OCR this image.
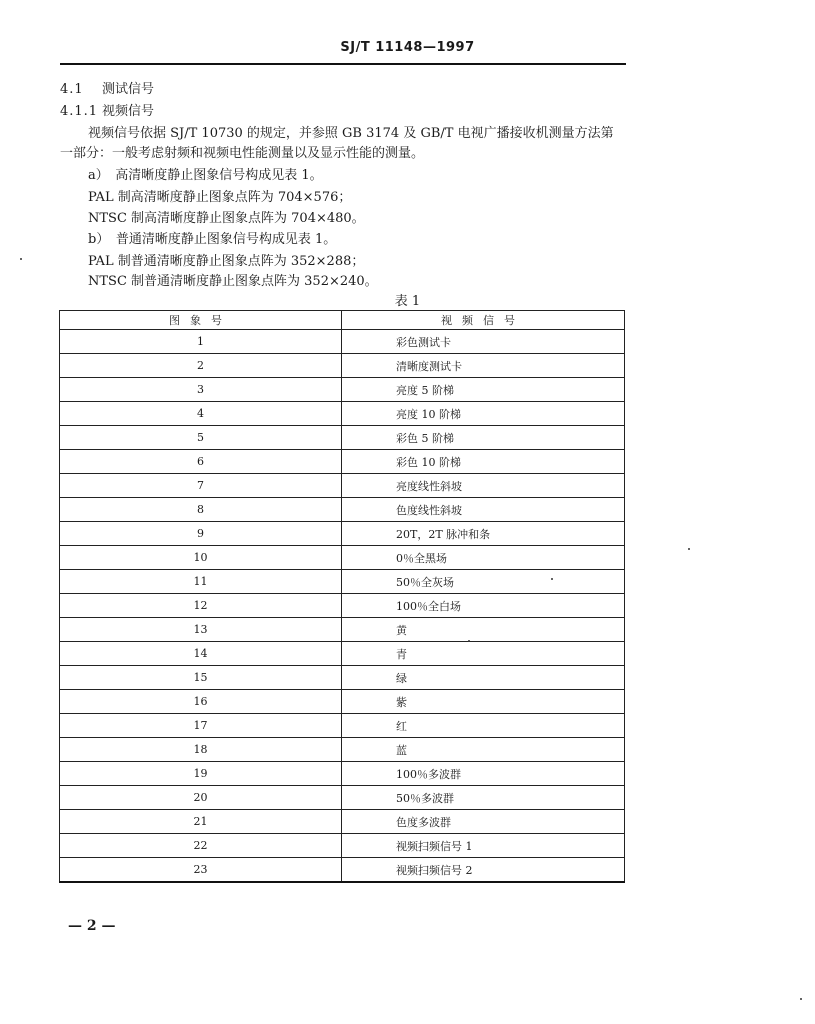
SJ/T 11148—1997
4.1 测试信号
4.1.1 视频信号
视频信号依据 SJ/T 10730 的规定，并参照 GB 3174 及 GB/T 电视广播接收机测量方法第
一部分：一般考虑射频和视频电性能测量以及显示性能的测量。
a）　高清晰度静止图象信号构成见表 1。
PAL 制高清晰度静止图象点阵为 704×576；
NTSC 制高清晰度静止图象点阵为 704×480。
b）　普通清晰度静止图象信号构成见表 1。
PAL 制普通清晰度静止图象点阵为 352×288；
NTSC 制普通清晰度静止图象点阵为 352×240。
表 1
图象号	视频信号
1	彩色测试卡
2	清晰度测试卡
3	亮度 5 阶梯
4	亮度 10 阶梯
5	彩色 5 阶梯
6	彩色 10 阶梯
7	亮度线性斜坡
8	色度线性斜坡
9	20T，2T 脉冲和条
10	0％全黑场
11	50％全灰场
12	100％全白场
13	黄
14	青
15	绿
16	紫
17	红
18	蓝
19	100％多波群
20	50％多波群
21	色度多波群
22	视频扫频信号 1
23	视频扫频信号 2
— 2 —
